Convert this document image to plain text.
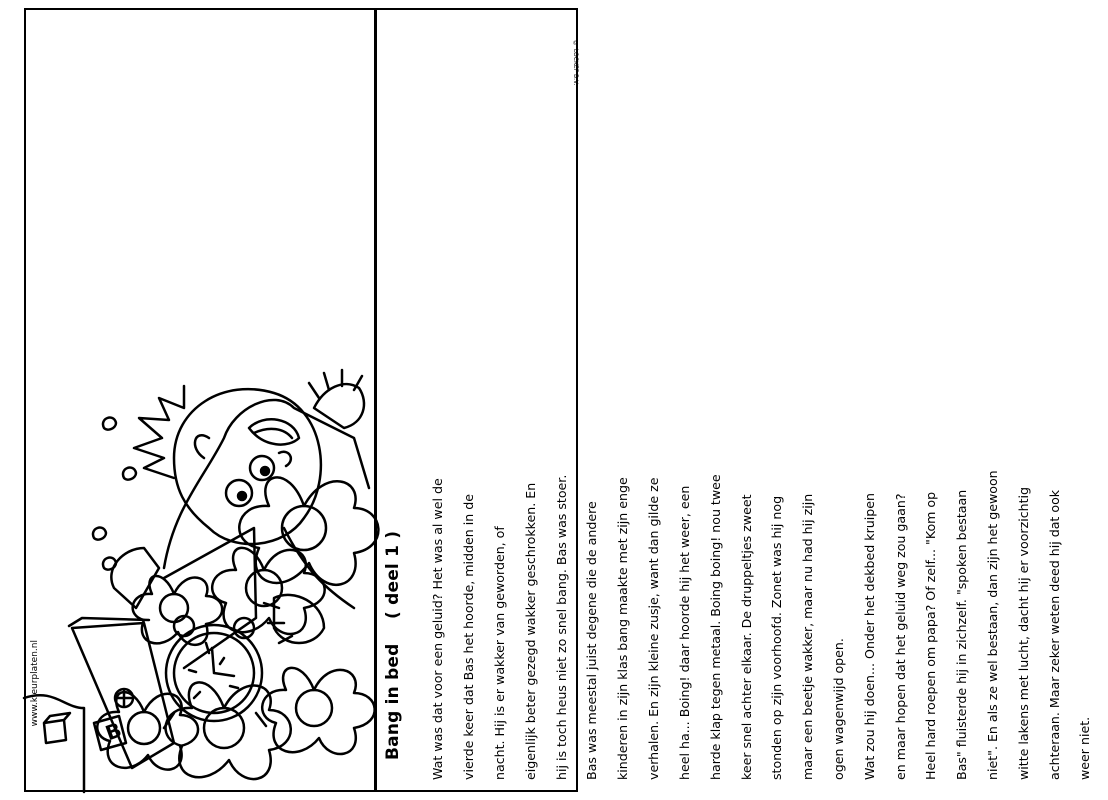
B	Bang in bed    ( deel 1 ) Wat was dat voor een geluid? Het was al wel de vierde keer dat Bas het hoorde, midden in de nacht. Hij is er wakker van geworden, of eigenlijk beter gezegd wakker geschrokken. En hij is toch heus niet zo snel bang. Bas was stoer. Bas was meestal juist degene die de andere kinderen in zijn klas bang maakte met zijn enge verhalen. En zijn kleine zusje, want dan gilde ze heel ha... Boing! daar hoorde hij het weer, een harde klap tegen metaal. Boing boing! nou twee keer snel achter elkaar. De druppeltjes zweet stonden op zijn voorhoofd. Zonet was hij nog maar een beetje wakker, maar nu had hij zijn ogen wagenwijd open. Wat zou hij doen... Onder het dekbed kruipen en maar hopen dat het geluid weg zou gaan? Heel hard roepen om papa? Of zelf... "Kom op Bas" fluisterde hij in zichzelf. "spoken bestaan niet". En als ze wel bestaan, dan zijn het gewoon witte lakens met lucht, dacht hij er voorzichtig achteraan. Maar zeker weten deed hij dat ook weer niet.

© LOCKEF B.V.
www.kleurplaten.nl
